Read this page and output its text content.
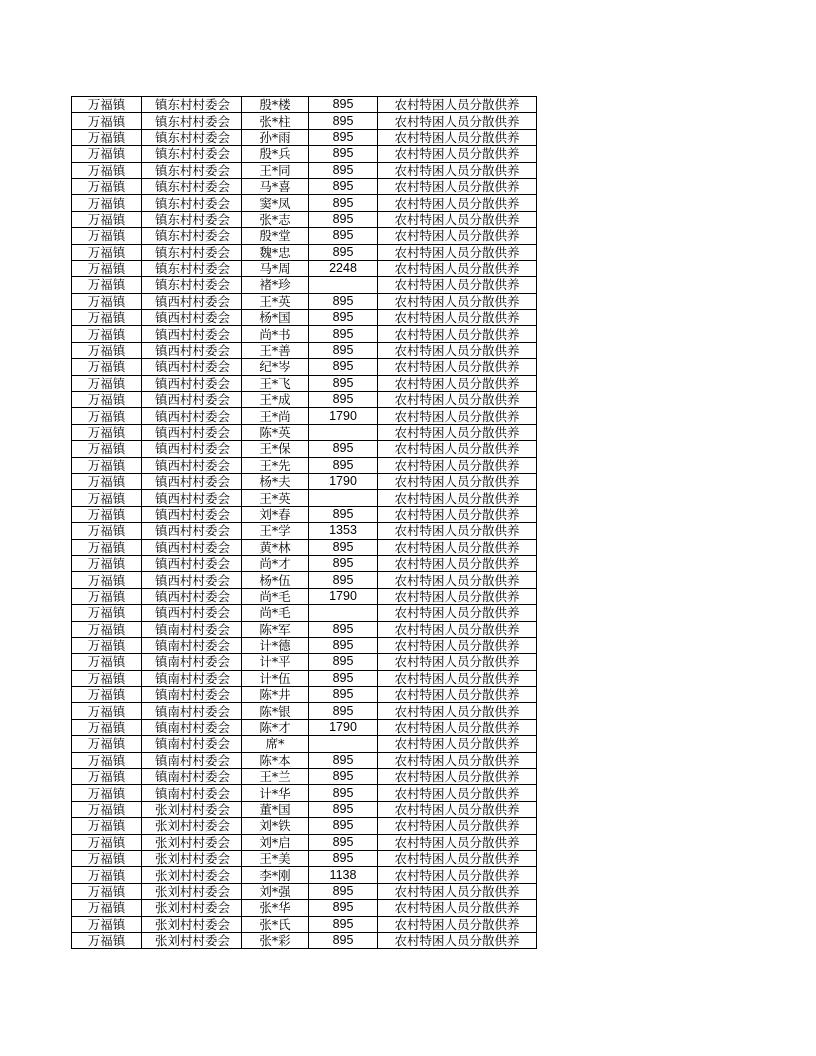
万福镇	镇东村村委会	殷*楼	895	农村特困人员分散供养
万福镇	镇东村村委会	张*柱	895	农村特困人员分散供养
万福镇	镇东村村委会	孙*雨	895	农村特困人员分散供养
万福镇	镇东村村委会	殷*兵	895	农村特困人员分散供养
万福镇	镇东村村委会	王*同	895	农村特困人员分散供养
万福镇	镇东村村委会	马*喜	895	农村特困人员分散供养
万福镇	镇东村村委会	窦*凤	895	农村特困人员分散供养
万福镇	镇东村村委会	张*志	895	农村特困人员分散供养
万福镇	镇东村村委会	殷*堂	895	农村特困人员分散供养
万福镇	镇东村村委会	魏*忠	895	农村特困人员分散供养
万福镇	镇东村村委会	马*周	2248	农村特困人员分散供养
万福镇	镇东村村委会	褚*珍		农村特困人员分散供养
万福镇	镇西村村委会	王*英	895	农村特困人员分散供养
万福镇	镇西村村委会	杨*国	895	农村特困人员分散供养
万福镇	镇西村村委会	尚*书	895	农村特困人员分散供养
万福镇	镇西村村委会	王*善	895	农村特困人员分散供养
万福镇	镇西村村委会	纪*岑	895	农村特困人员分散供养
万福镇	镇西村村委会	王*飞	895	农村特困人员分散供养
万福镇	镇西村村委会	王*成	895	农村特困人员分散供养
万福镇	镇西村村委会	王*尚	1790	农村特困人员分散供养
万福镇	镇西村村委会	陈*英		农村特困人员分散供养
万福镇	镇西村村委会	王*保	895	农村特困人员分散供养
万福镇	镇西村村委会	王*先	895	农村特困人员分散供养
万福镇	镇西村村委会	杨*夫	1790	农村特困人员分散供养
万福镇	镇西村村委会	王*英		农村特困人员分散供养
万福镇	镇西村村委会	刘*春	895	农村特困人员分散供养
万福镇	镇西村村委会	王*学	1353	农村特困人员分散供养
万福镇	镇西村村委会	黄*林	895	农村特困人员分散供养
万福镇	镇西村村委会	尚*才	895	农村特困人员分散供养
万福镇	镇西村村委会	杨*伍	895	农村特困人员分散供养
万福镇	镇西村村委会	尚*毛	1790	农村特困人员分散供养
万福镇	镇西村村委会	尚*毛		农村特困人员分散供养
万福镇	镇南村村委会	陈*军	895	农村特困人员分散供养
万福镇	镇南村村委会	计*德	895	农村特困人员分散供养
万福镇	镇南村村委会	计*平	895	农村特困人员分散供养
万福镇	镇南村村委会	计*伍	895	农村特困人员分散供养
万福镇	镇南村村委会	陈*井	895	农村特困人员分散供养
万福镇	镇南村村委会	陈*银	895	农村特困人员分散供养
万福镇	镇南村村委会	陈*才	1790	农村特困人员分散供养
万福镇	镇南村村委会	席*		农村特困人员分散供养
万福镇	镇南村村委会	陈*本	895	农村特困人员分散供养
万福镇	镇南村村委会	王*兰	895	农村特困人员分散供养
万福镇	镇南村村委会	计*华	895	农村特困人员分散供养
万福镇	张刘村村委会	董*国	895	农村特困人员分散供养
万福镇	张刘村村委会	刘*铁	895	农村特困人员分散供养
万福镇	张刘村村委会	刘*启	895	农村特困人员分散供养
万福镇	张刘村村委会	王*美	895	农村特困人员分散供养
万福镇	张刘村村委会	李*刚	1138	农村特困人员分散供养
万福镇	张刘村村委会	刘*强	895	农村特困人员分散供养
万福镇	张刘村村委会	张*华	895	农村特困人员分散供养
万福镇	张刘村村委会	张*氏	895	农村特困人员分散供养
万福镇	张刘村村委会	张*彩	895	农村特困人员分散供养
